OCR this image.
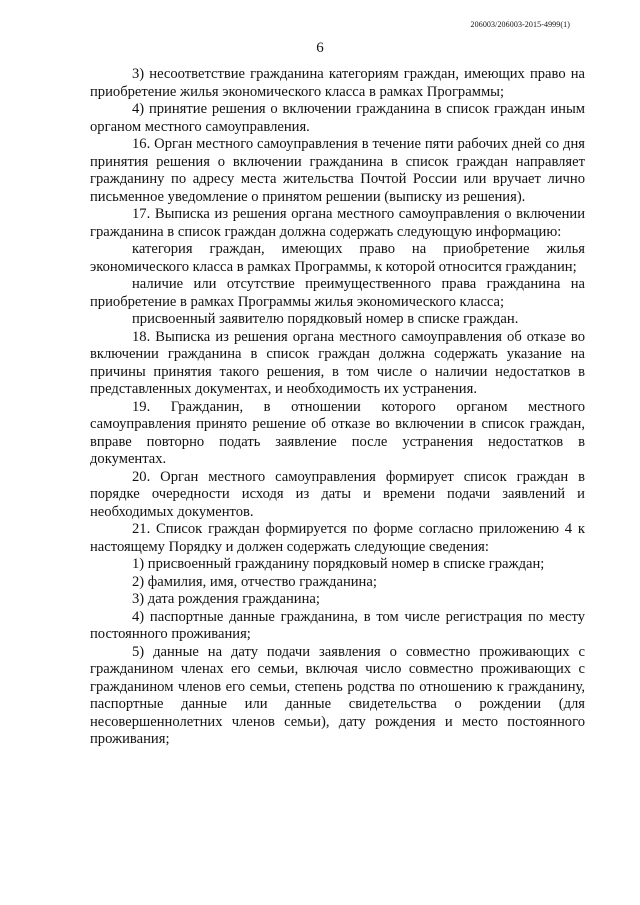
206003/206003-2015-4999(1)
6

3) несоответствие гражданина категориям граждан, имеющих право на приобретение жилья экономического класса в рамках Программы;

4) принятие решения о включении гражданина в список граждан иным органом местного самоуправления.

16. Орган местного самоуправления в течение пяти рабочих дней со дня принятия решения о включении гражданина в список граждан направляет гражданину по адресу места жительства Почтой России или вручает лично письменное уведомление о принятом решении (выписку из решения).

17. Выписка из решения органа местного самоуправления о включении гражданина в список граждан должна содержать следующую информацию:

категория граждан, имеющих право на приобретение жилья экономического класса в рамках Программы, к которой относится гражданин;

наличие или отсутствие преимущественного права гражданина на приобретение в рамках Программы жилья экономического класса;

присвоенный заявителю порядковый номер в списке граждан.

18. Выписка из решения органа местного самоуправления об отказе во включении гражданина в список граждан должна содержать указание на причины принятия такого решения, в том числе о наличии недостатков в представленных документах, и необходимость их устранения.

19. Гражданин, в отношении которого органом местного самоуправления принято решение об отказе во включении в список граждан, вправе повторно подать заявление после устранения недостатков в документах.

20. Орган местного самоуправления формирует список граждан в порядке очередности исходя из даты и времени подачи заявлений и необходимых документов.

21. Список граждан формируется по форме согласно приложению 4 к настоящему Порядку и должен содержать следующие сведения:

1) присвоенный гражданину порядковый номер в списке граждан;

2) фамилия, имя, отчество гражданина;

3) дата рождения гражданина;

4) паспортные данные гражданина, в том числе регистрация по месту постоянного проживания;

5) данные на дату подачи заявления о совместно проживающих с гражданином членах его семьи, включая число совместно проживающих с гражданином членов его семьи, степень родства по отношению к гражданину, паспортные данные или данные свидетельства о рождении (для несовершеннолетних членов семьи), дату рождения и место постоянного проживания;
